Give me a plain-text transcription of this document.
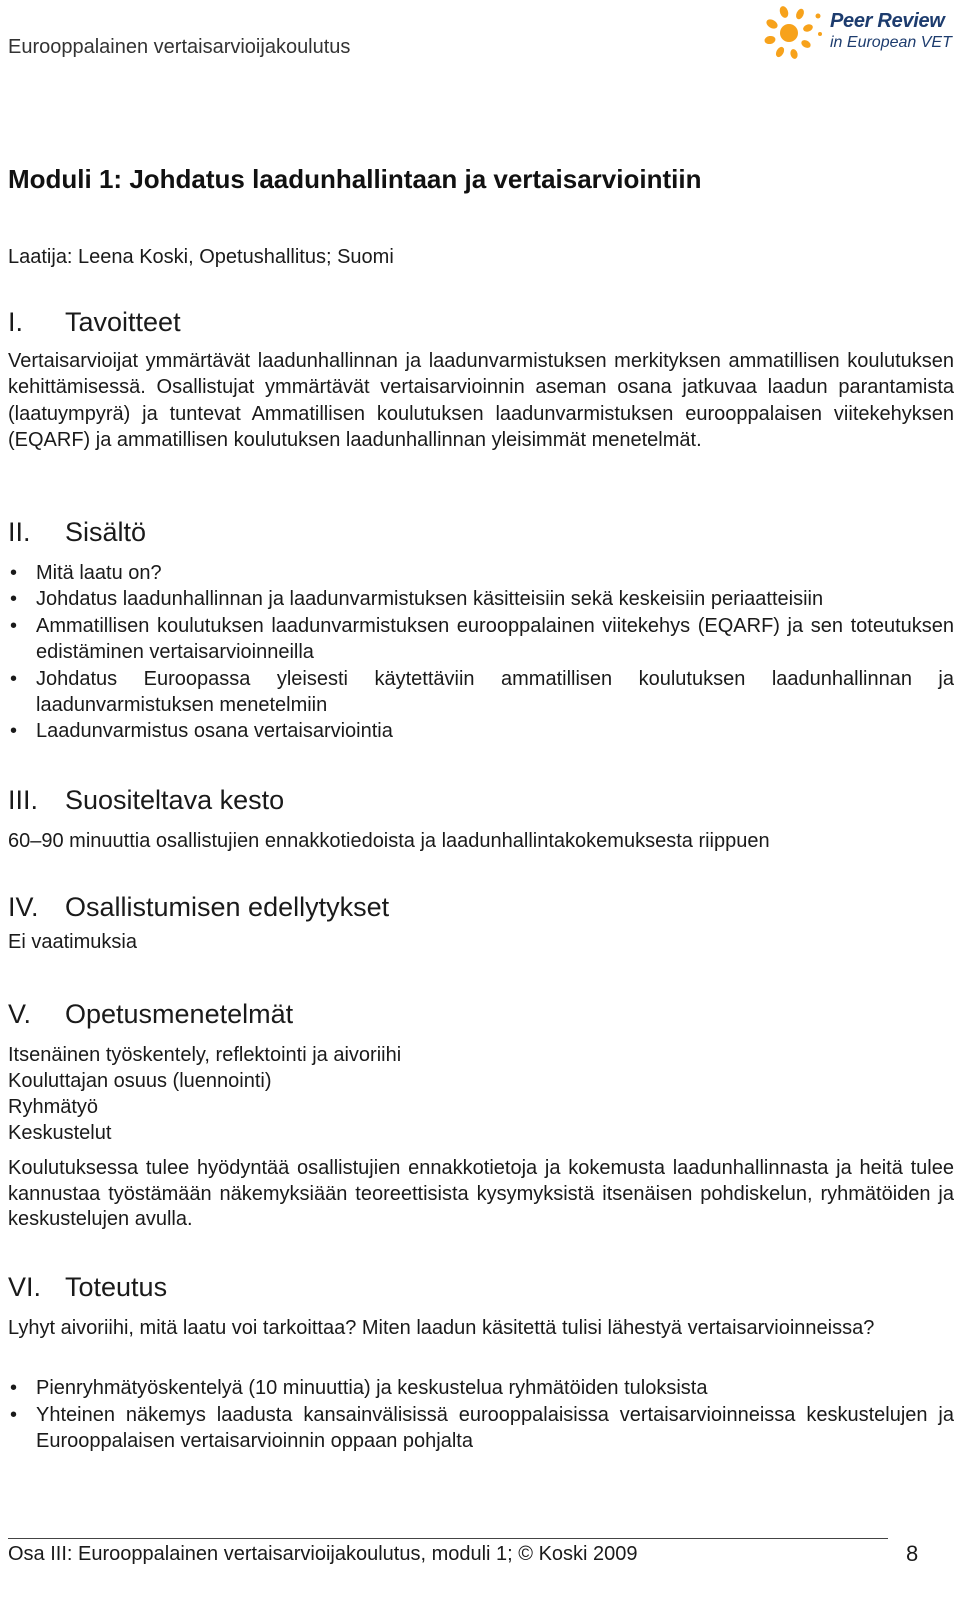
Eurooppalainen vertaisarvioijakoulutus
Peer Review
in European VET
Moduli 1: Johdatus laadunhallintaan ja vertaisarviointiin
Laatija: Leena Koski, Opetushallitus; Suomi
I. Tavoitteet

Vertaisarvioijat ymmärtävät laadunhallinnan ja laadunvarmistuksen merkityksen ammatillisen koulutuksen kehittämisessä. Osallistujat ymmärtävät vertaisarvioinnin aseman osana jatkuvaa laadun parantamista (laatuympyrä) ja tuntevat Ammatillisen koulutuksen laadunvarmistuksen eurooppalaisen viitekehyksen (EQARF) ja ammatillisen koulutuksen laadunhallinnan yleisimmät menetelmät.

II. Sisältö
• Mitä laatu on?
• Johdatus laadunhallinnan ja laadunvarmistuksen käsitteisiin sekä keskeisiin periaatteisiin
• Ammatillisen koulutuksen laadunvarmistuksen eurooppalainen viitekehys (EQARF) ja sen toteutuksen edistäminen vertaisarvioinneilla
• Johdatus Euroopassa yleisesti käytettäviin ammatillisen koulutuksen laadunhallinnan ja laadunvarmistuksen menetelmiin
• Laadunvarmistus osana vertaisarviointia
III. Suositeltava kesto

60–90 minuuttia osallistujien ennakkotiedoista ja laadunhallintakokemuksesta riippuen

IV. Osallistumisen edellytykset

Ei vaatimuksia

V. Opetusmenetelmät
Itsenäinen työskentely, reflektointi ja aivoriihi
Kouluttajan osuus (luennointi)
Ryhmätyö
Keskustelut

Koulutuksessa tulee hyödyntää osallistujien ennakkotietoja ja kokemusta laadunhallinnasta ja heitä tulee kannustaa työstämään näkemyksiään teoreettisista kysymyksistä itsenäisen pohdiskelun, ryhmätöiden ja keskustelujen avulla.

VI. Toteutus

Lyhyt aivoriihi, mitä laatu voi tarkoittaa? Miten laadun käsitettä tulisi lähestyä vertaisarvioinneissa?

• Pienryhmätyöskentelyä (10 minuuttia) ja keskustelua ryhmätöiden tuloksista
• Yhteinen näkemys laadusta kansainvälisissä eurooppalaisissa vertaisarvioinneissa keskustelujen ja Eurooppalaisen vertaisarvioinnin oppaan pohjalta
Osa III: Eurooppalainen vertaisarvioijakoulutus, moduli 1; © Koski 2009	8
